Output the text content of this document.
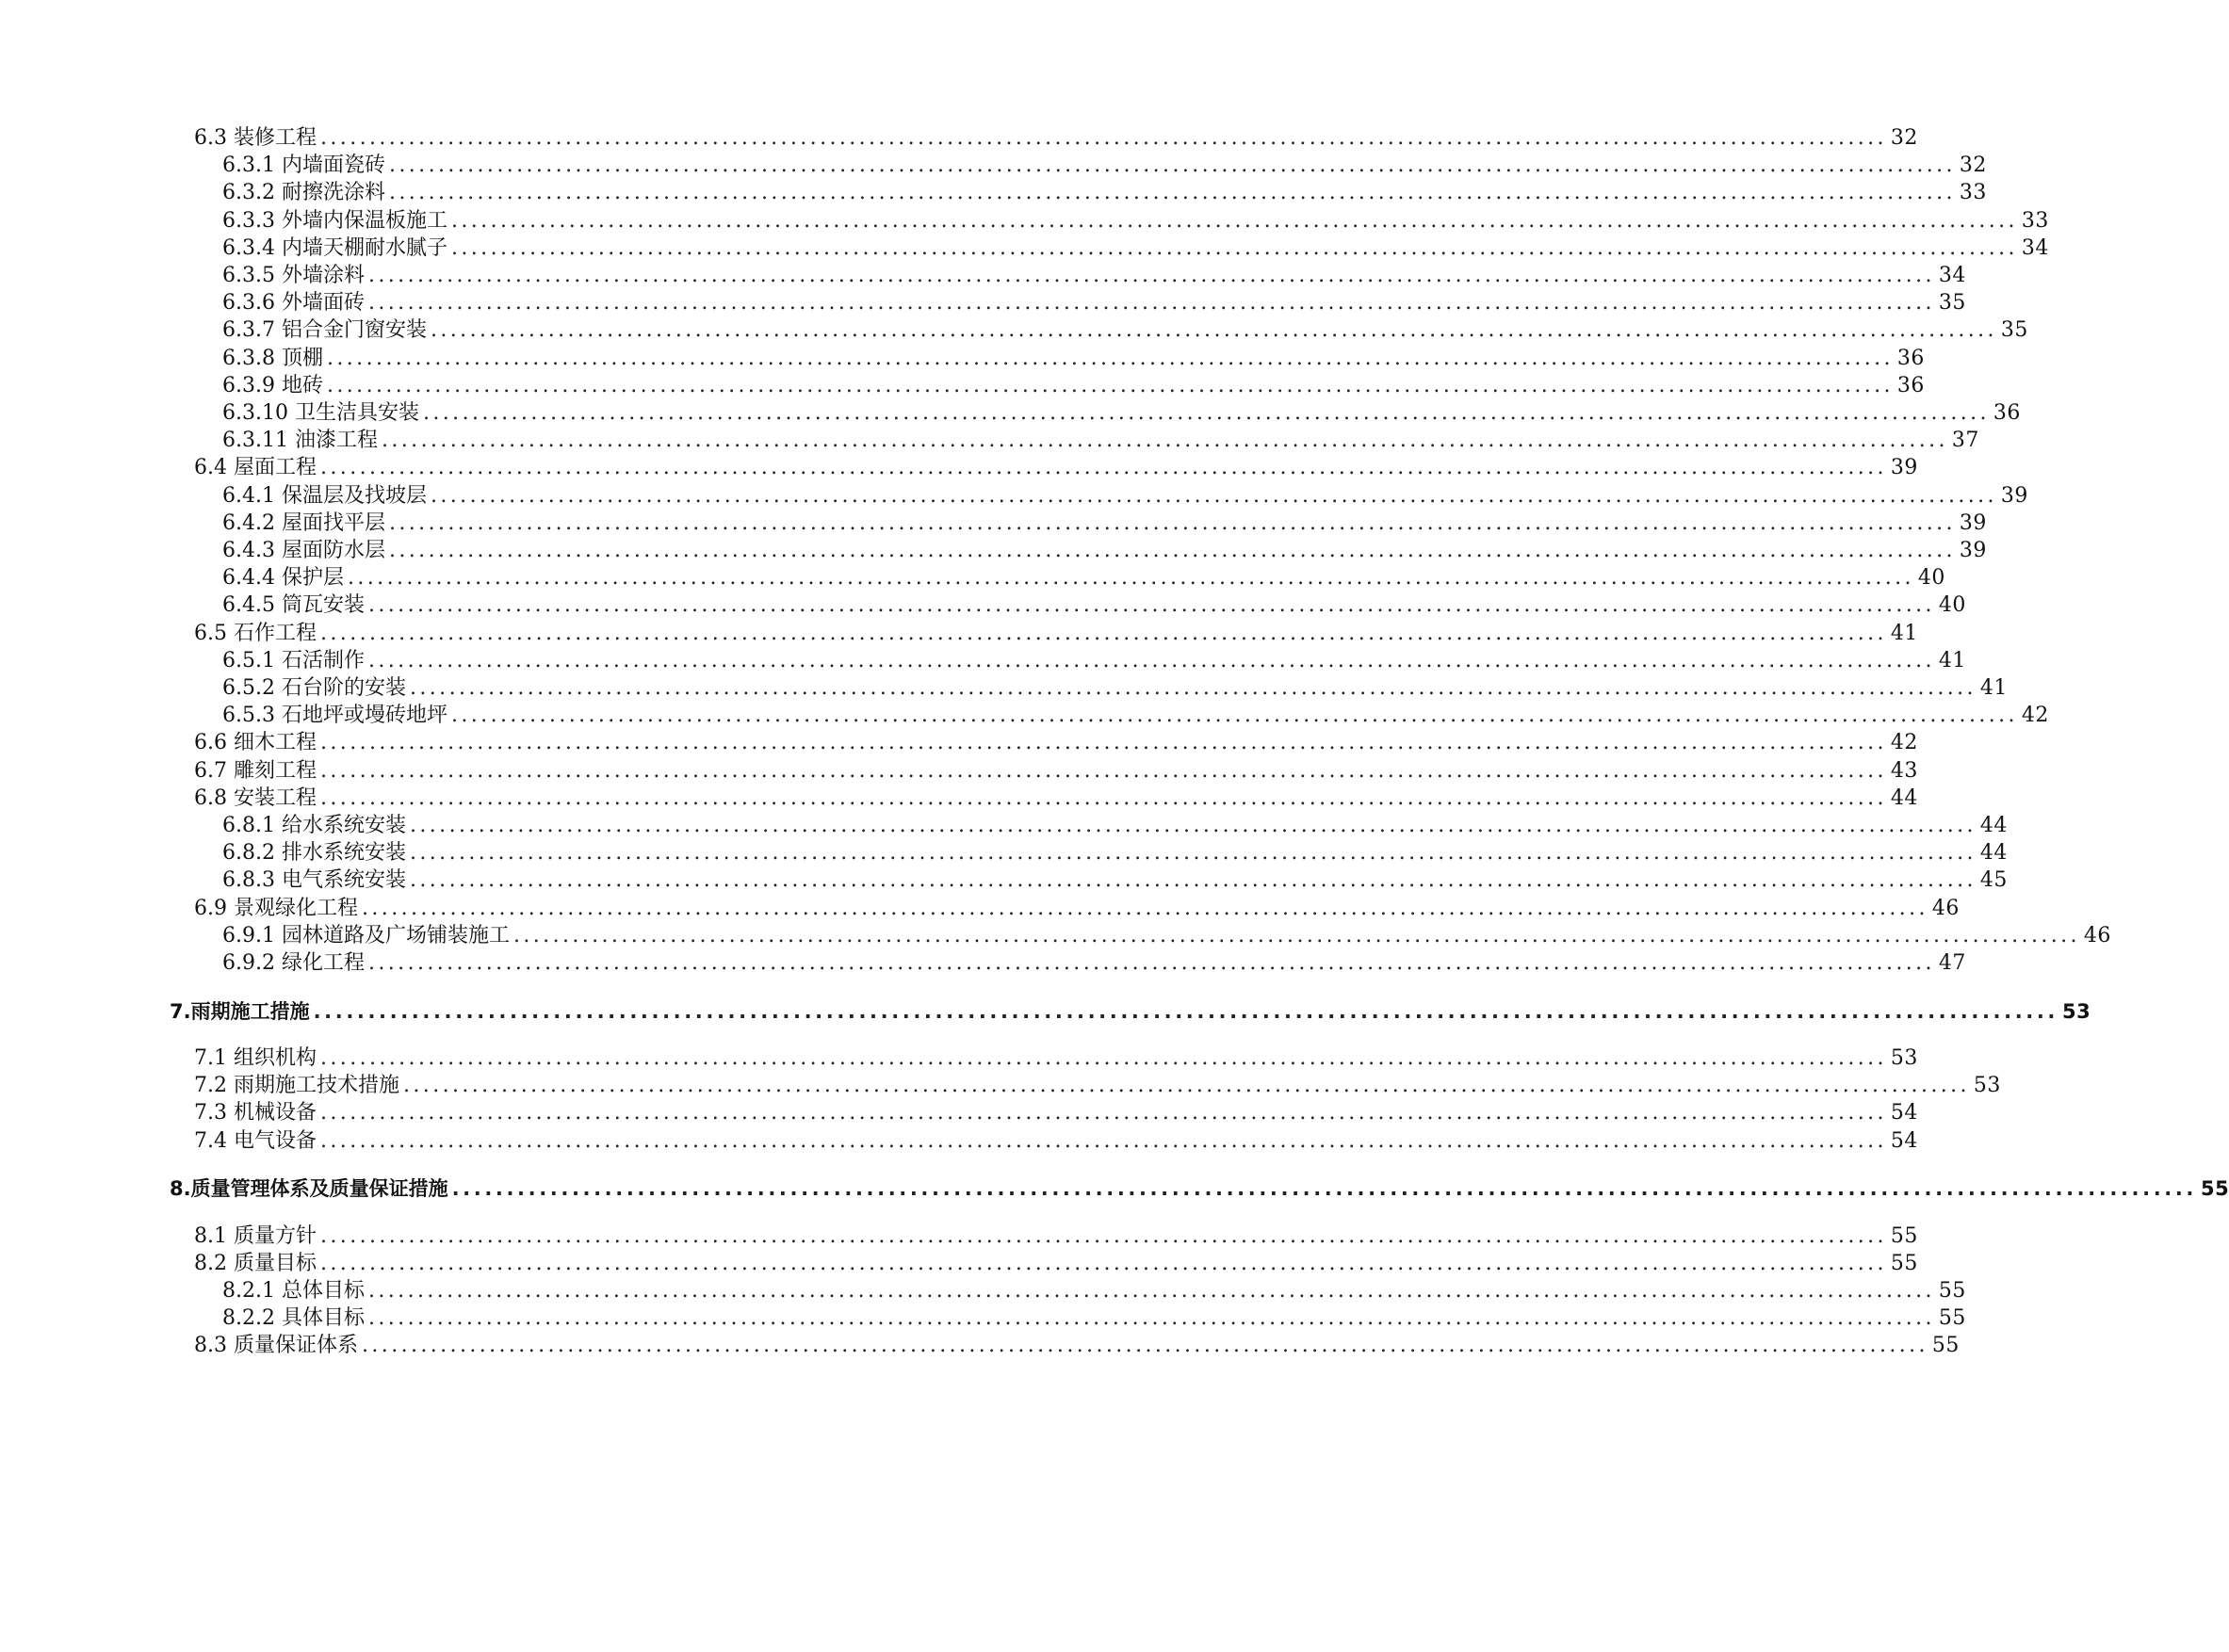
6.3
装修工程 ................................................................................................................................................................ 32
6.3.1
内墙面瓷砖 ................................................................................................................................................................ 32
6.3.2
耐擦洗涂料 ................................................................................................................................................................ 33
6.3.3
外墙内保温板施工 ................................................................................................................................................................ 33
6.3.4
内墙天棚耐水腻子 ................................................................................................................................................................ 34
6.3.5
外墙涂料 ................................................................................................................................................................ 34
6.3.6
外墙面砖 ................................................................................................................................................................ 35
6.3.7
铝合金门窗安装 ................................................................................................................................................................ 35
6.3.8
顶棚 ................................................................................................................................................................ 36
6.3.9
地砖 ................................................................................................................................................................ 36
6.3.10
卫生洁具安装 ................................................................................................................................................................ 36
6.3.11
油漆工程 ................................................................................................................................................................ 37
6.4
屋面工程 ................................................................................................................................................................ 39
6.4.1
保温层及找坡层 ................................................................................................................................................................ 39
6.4.2
屋面找平层 ................................................................................................................................................................ 39
6.4.3
屋面防水层 ................................................................................................................................................................ 39
6.4.4
保护层 ................................................................................................................................................................ 40
6.4.5
筒瓦安装 ................................................................................................................................................................ 40
6.5
石作工程 ................................................................................................................................................................ 41
6.5.1
石活制作 ................................................................................................................................................................ 41
6.5.2
石台阶的安装 ................................................................................................................................................................ 41
6.5.3
石地坪或墁砖地坪 ................................................................................................................................................................ 42
6.6
细木工程 ................................................................................................................................................................ 42
6.7
雕刻工程 ................................................................................................................................................................ 43
6.8
安装工程 ................................................................................................................................................................ 44
6.8.1
给水系统安装 ................................................................................................................................................................ 44
6.8.2
排水系统安装 ................................................................................................................................................................ 44
6.8.3
电气系统安装 ................................................................................................................................................................ 45
6.9
景观绿化工程 ................................................................................................................................................................ 46
6.9.1
园林道路及广场铺装施工 ................................................................................................................................................................ 46
6.9.2
绿化工程 ................................................................................................................................................................ 47
7. 雨期施工措施 ................................................................................................................................................................ 53
7.1
组织机构 ................................................................................................................................................................ 53
7.2
雨期施工技术措施 ................................................................................................................................................................ 53
7.3
机械设备 ................................................................................................................................................................ 54
7.4
电气设备 ................................................................................................................................................................ 54
8. 质量管理体系及质量保证措施 ................................................................................................................................................................ 55
8.1
质量方针 ................................................................................................................................................................ 55
8.2
质量目标 ................................................................................................................................................................ 55
8.2.1
总体目标 ................................................................................................................................................................ 55
8.2.2
具体目标 ................................................................................................................................................................ 55
8.3
质量保证体系 ................................................................................................................................................................ 55
